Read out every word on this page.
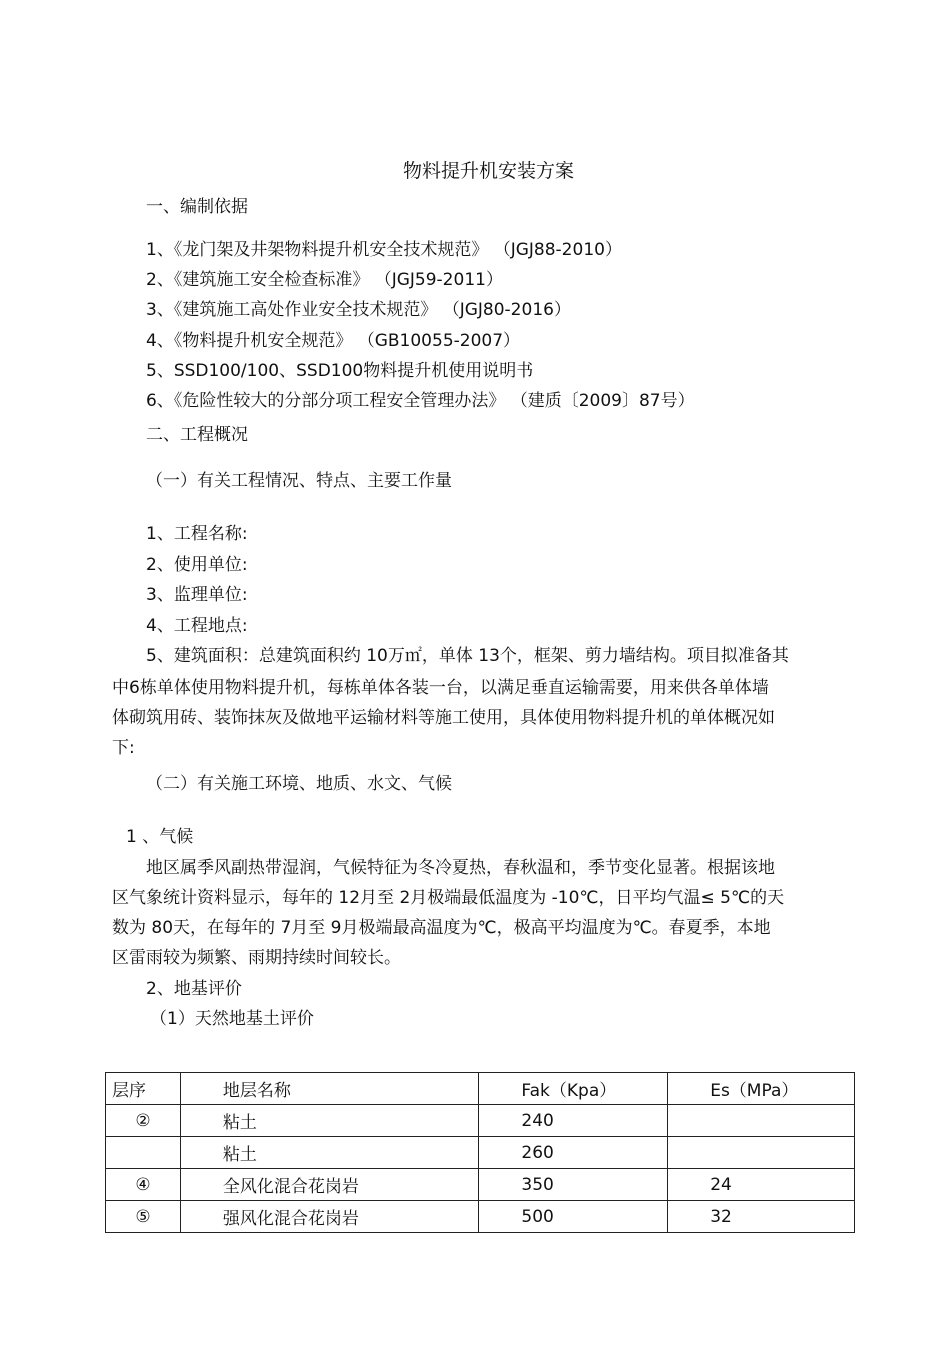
物料提升机安装方案
一、编制依据
1、《龙门架及井架物料提升机安全技术规范》 （JGJ88-2010）
2、《建筑施工安全检查标准》 （JGJ59-2011）
3、《建筑施工高处作业安全技术规范》 （JGJ80-2016）
4、《物料提升机安全规范》 （GB10055-2007）
5、SSD100/100、SSD100物料提升机使用说明书
6、《危险性较大的分部分项工程安全管理办法》 （建质〔2009〕87号）
二、工程概况
（一）有关工程情况、特点、主要工作量
1、工程名称:
2、使用单位:
3、监理单位:
4、工程地点:
5、建筑面积：总建筑面积约 10万㎡，单体 13个，框架、剪力墙结构。项目拟准备其
中6栋单体使用物料提升机，每栋单体各装一台，以满足垂直运输需要，用来供各单体墙
体砌筑用砖、装饰抹灰及做地平运输材料等施工使用，具体使用物料提升机的单体概况如
下:
（二）有关施工环境、地质、水文、气候
1 、气候
地区属季风副热带湿润，气候特征为冬冷夏热，春秋温和，季节变化显著。根据该地
区气象统计资料显示，每年的 12月至 2月极端最低温度为 -10℃，日平均气温≤ 5℃的天
数为 80天，在每年的 7月至 9月极端最高温度为℃，极高平均温度为℃。春夏季，本地
区雷雨较为频繁、雨期持续时间较长。
2、地基评价
（1）天然地基土评价
层序	地层名称	Fak（Kpa）	Es（MPa）
②	粘土	240	
	粘土	260	
④	全风化混合花岗岩	350	24
⑤	强风化混合花岗岩	500	32
